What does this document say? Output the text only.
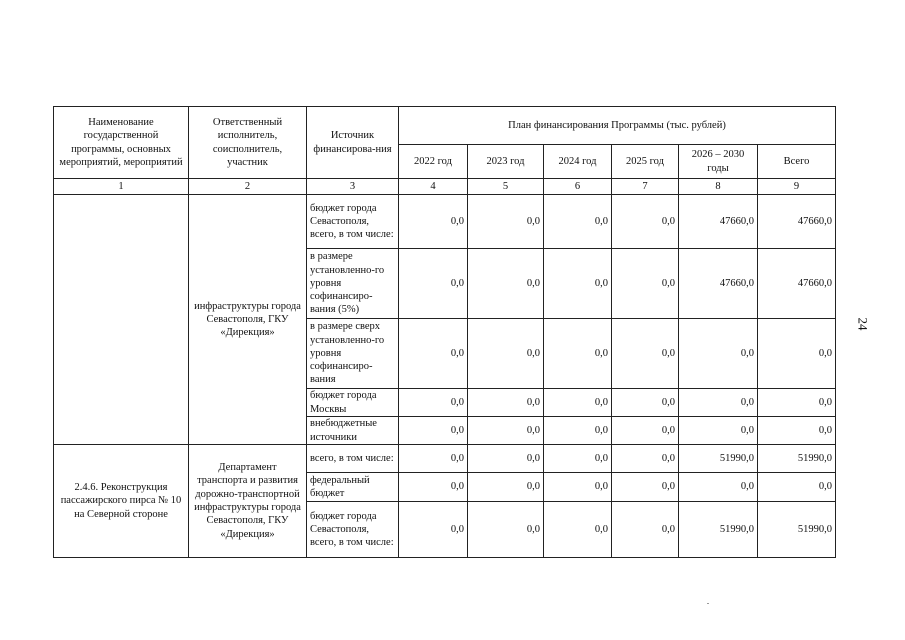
Наименование государственной программы, основных мероприятий, мероприятий	Ответственный исполнитель, соисполнитель, участник	Источник финансирова-ния	План финансирования Программы (тыс. рублей)					
			2022 год	2023 год	2024 год	2025 год	2026 – 2030 годы	Всего
1	2	3	4	5	6	7	8	9
	инфраструктуры города Севастополя, ГКУ «Дирекция»	бюджет города Севастополя, всего, в том числе:	0,0	0,0	0,0	0,0	47660,0	47660,0
		в размере установленно-го уровня софинансиро-вания (5%)	0,0	0,0	0,0	0,0	47660,0	47660,0
		в размере сверх установленно-го уровня софинансиро-вания	0,0	0,0	0,0	0,0	0,0	0,0
		бюджет города Москвы	0,0	0,0	0,0	0,0	0,0	0,0
		внебюджетные источники	0,0	0,0	0,0	0,0	0,0	0,0
2.4.6. Реконструкция пассажирского пирса № 10 на Северной стороне	Департамент транспорта и развития дорожно-транспортной инфраструктуры города Севастополя, ГКУ «Дирекция»	всего, в том числе:	0,0	0,0	0,0	0,0	51990,0	51990,0
		федеральный бюджет	0,0	0,0	0,0	0,0	0,0	0,0
		бюджет города Севастополя, всего, в том числе:	0,0	0,0	0,0	0,0	51990,0	51990,0
24
